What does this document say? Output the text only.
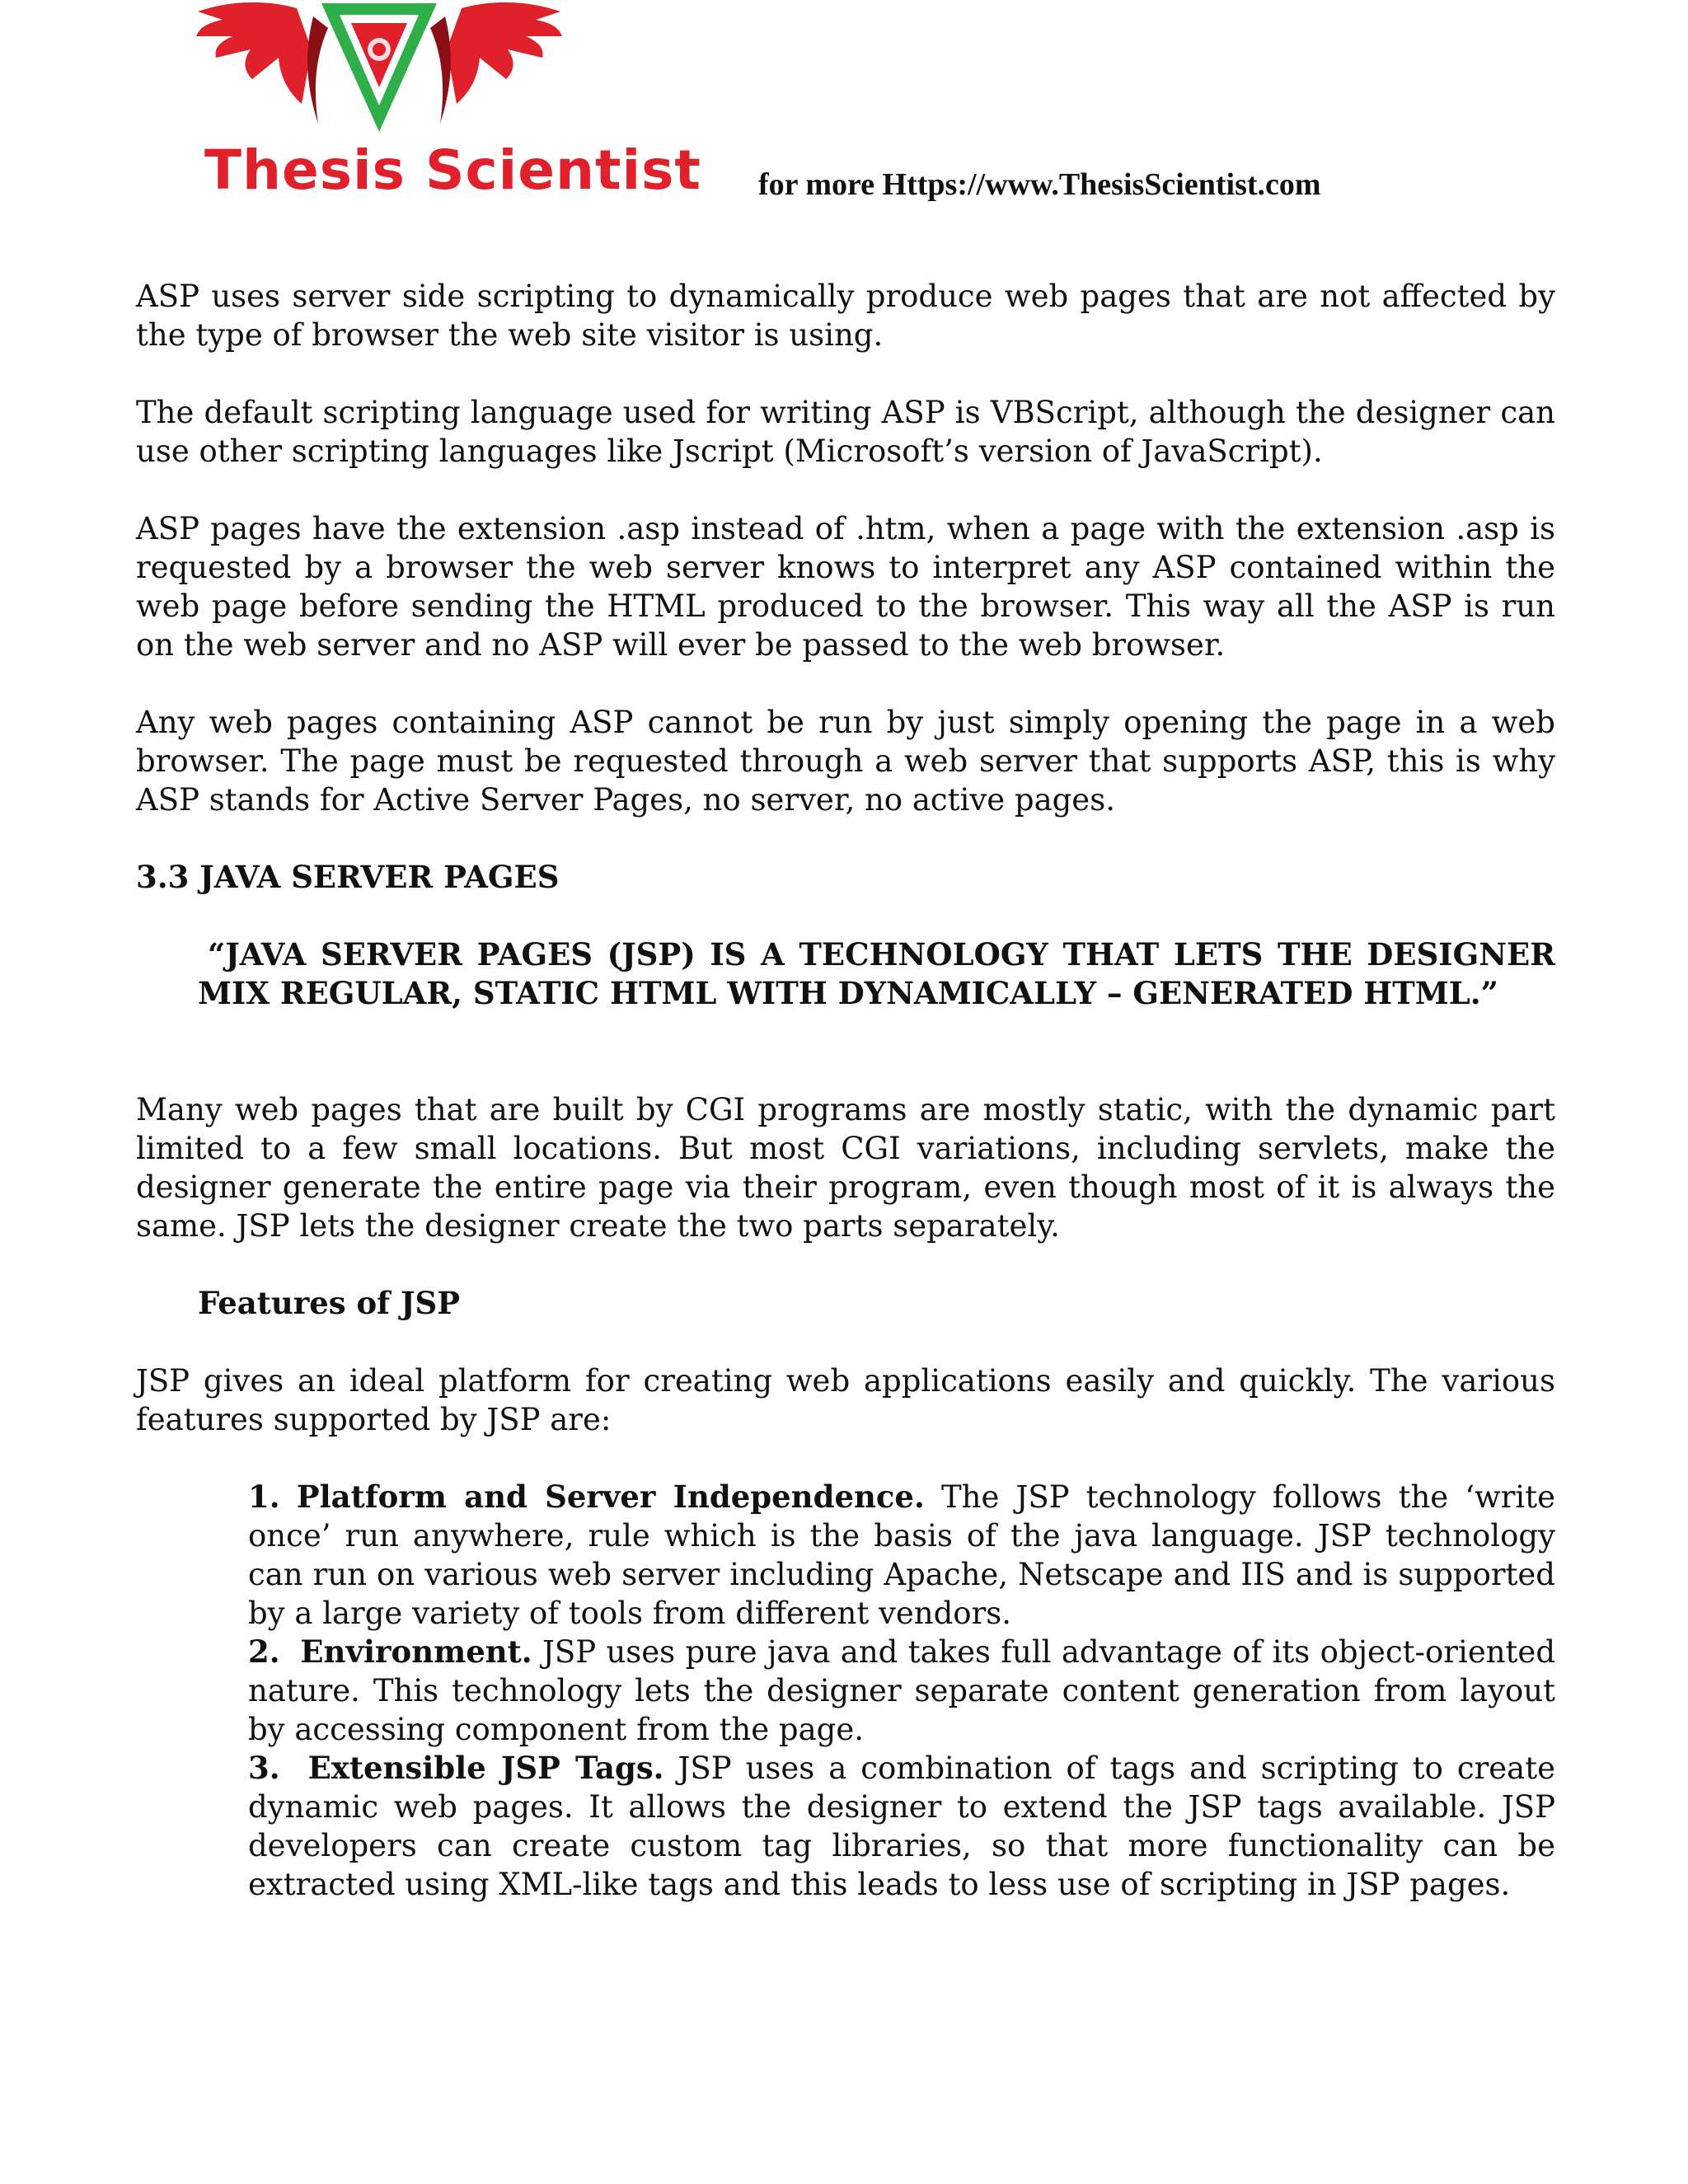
Thesis Scientist for more Https://www.ThesisScientist.com

ASP uses server side scripting to dynamically produce web pages that are not affected by the type of browser the web site visitor is using.

The default scripting language used for writing ASP is VBScript, although the designer can use other scripting languages like Jscript (Microsoft’s version of JavaScript).

ASP pages have the extension .asp instead of .htm, when a page with the extension .asp is requested by a browser the web server knows to interpret any ASP contained within the web page before sending the HTML produced to the browser. This way all the ASP is run on the web server and no ASP will ever be passed to the web browser.

Any web pages containing ASP cannot be run by just simply opening the page in a web browser. The page must be requested through a web server that supports ASP, this is why ASP stands for Active Server Pages, no server, no active pages.

3.3 JAVA SERVER PAGES
“JAVA SERVER PAGES (JSP) IS A TECHNOLOGY THAT LETS THE DESIGNER MIX REGULAR, STATIC HTML WITH DYNAMICALLY – GENERATED HTML.”

Many web pages that are built by CGI programs are mostly static, with the dynamic part limited to a few small locations. But most CGI variations, including servlets, make the designer generate the entire page via their program, even though most of it is always the same. JSP lets the designer create the two parts separately.

Features of JSP

JSP gives an ideal platform for creating web applications easily and quickly. The various features supported by JSP are:

1. Platform and Server Independence. The JSP technology follows the ‘write once’ run anywhere, rule which is the basis of the java language. JSP technology can run on various web server including Apache, Netscape and IIS and is supported by a large variety of tools from different vendors.
2. Environment. JSP uses pure java and takes full advantage of its object-oriented nature. This technology lets the designer separate content generation from layout by accessing component from the page.
3. Extensible JSP Tags. JSP uses a combination of tags and scripting to create dynamic web pages. It allows the designer to extend the JSP tags available. JSP developers can create custom tag libraries, so that more functionality can be extracted using XML-like tags and this leads to less use of scripting in JSP pages.
